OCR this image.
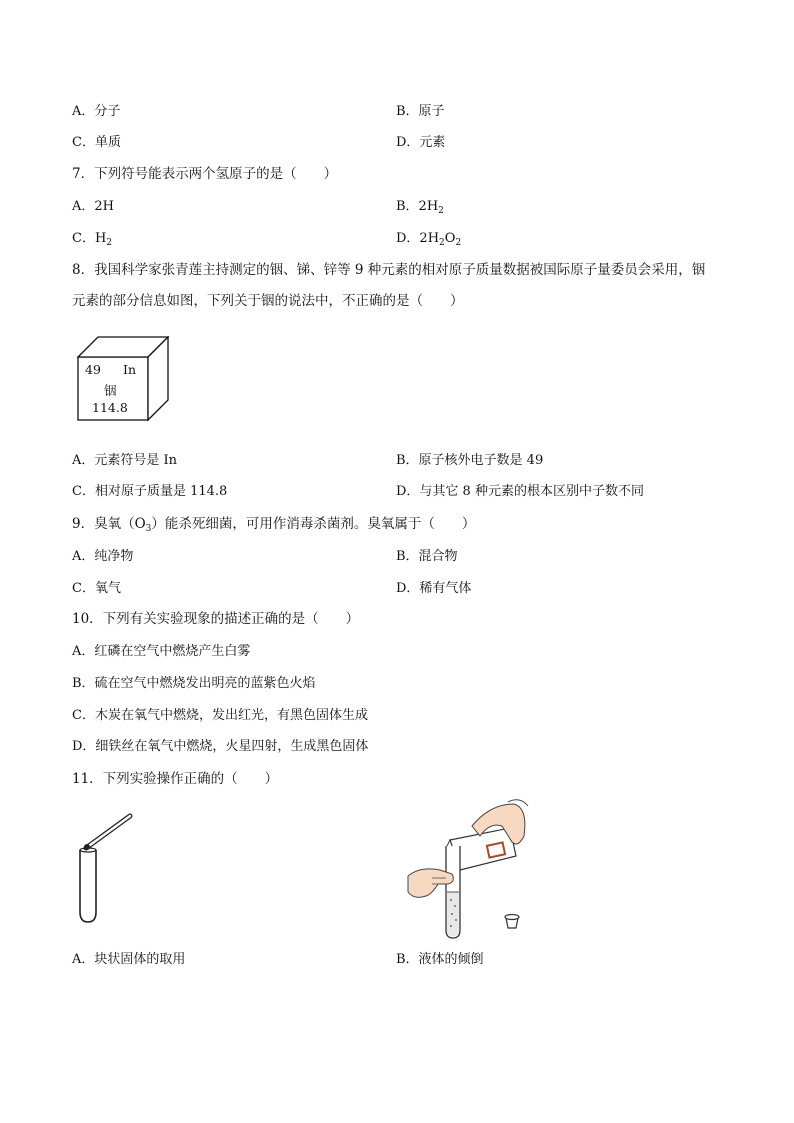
A．分子	B．原子
C．单质	D．元素
7．下列符号能表示两个氢原子的是（　　）
A．2H	B．$2H_2$
C．$H_2$	D．$2H_2O_2$
8．我国科学家张青莲主持测定的铟、锑、锌等 9 种元素的相对原子质量数据被国际原子量委员会采用，铟
元素的部分信息如图，下列关于铟的说法中，不正确的是（　　）
49 In
铟
114.8
A．元素符号是 In	B．原子核外电子数是 49
C．相对原子质量是 114.8	D．与其它 8 种元素的根本区别中子数不同
9．臭氧$(O_3)$能杀死细菌，可用作消毒杀菌剂。臭氧属于（　　）
A．纯净物	B．混合物
C．氧气	D．稀有气体
10．下列有关实验现象的描述正确的是（　　）
A．红磷在空气中燃烧产生白雾
B．硫在空气中燃烧发出明亮的蓝紫色火焰
C．木炭在氧气中燃烧，发出红光，有黑色固体生成
D．细铁丝在氧气中燃烧，火星四射，生成黑色固体
11．下列实验操作正确的（　　）
A．块状固体的取用	B．液体的倾倒
